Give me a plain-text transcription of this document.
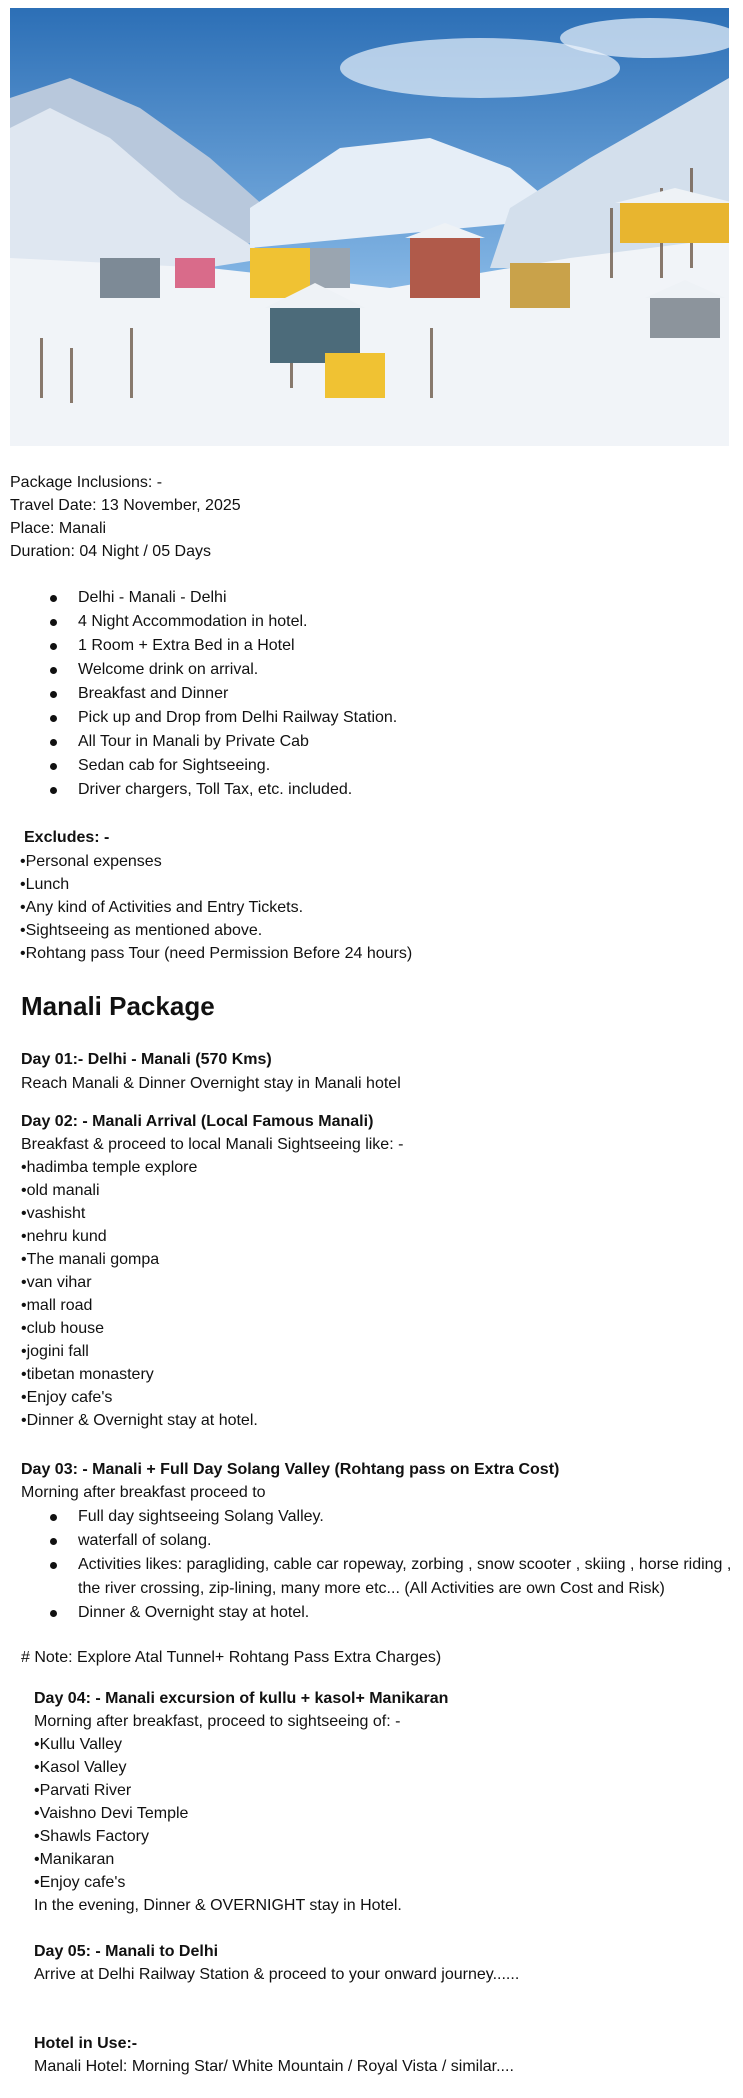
Package Inclusions: -
Travel Date: 13 November, 2025
Place: Manali
Duration: 04 Night / 05 Days
Delhi - Manali - Delhi
4 Night Accommodation in hotel.
1 Room + Extra Bed in a Hotel
Welcome drink on arrival.
Breakfast and Dinner
Pick up and Drop from Delhi Railway Station.
All Tour in Manali by Private Cab
Sedan cab for Sightseeing.
Driver chargers, Toll Tax, etc. included.
Excludes: -
•Personal expenses
•Lunch
•Any kind of Activities and Entry Tickets.
•Sightseeing as mentioned above.
•Rohtang pass Tour (need Permission Before 24 hours)
Manali Package
Day 01:- Delhi - Manali (570 Kms)
Reach Manali & Dinner Overnight stay in Manali hotel
Day 02: - Manali Arrival (Local Famous Manali)
Breakfast & proceed to local Manali Sightseeing like: -
•hadimba temple explore
•old manali
•vashisht
•nehru kund
•The manali gompa
•van vihar
•mall road
•club house
•jogini fall
•tibetan monastery
•Enjoy cafe's
•Dinner & Overnight stay at hotel.
Day 03: - Manali + Full Day Solang Valley (Rohtang pass on Extra Cost)
Morning after breakfast proceed to
Full day sightseeing Solang Valley.
waterfall of solang.
Activities likes: paragliding, cable car ropeway, zorbing , snow scooter , skiing , horse riding , the river crossing, zip-lining, many more etc... (All Activities are own Cost and Risk)
Dinner & Overnight stay at hotel.
# Note: Explore Atal Tunnel+ Rohtang Pass Extra Charges)
Day 04: - Manali excursion of kullu + kasol+ Manikaran
Morning after breakfast, proceed to sightseeing of: -
•Kullu Valley
•Kasol Valley
•Parvati River
•Vaishno Devi Temple
•Shawls Factory
•Manikaran
•Enjoy cafe's
In the evening, Dinner & OVERNIGHT stay in Hotel.
Day 05: - Manali to Delhi
Arrive at Delhi Railway Station & proceed to your onward journey......
Hotel in Use:-
Manali Hotel: Morning Star/ White Mountain / Royal Vista / similar....
